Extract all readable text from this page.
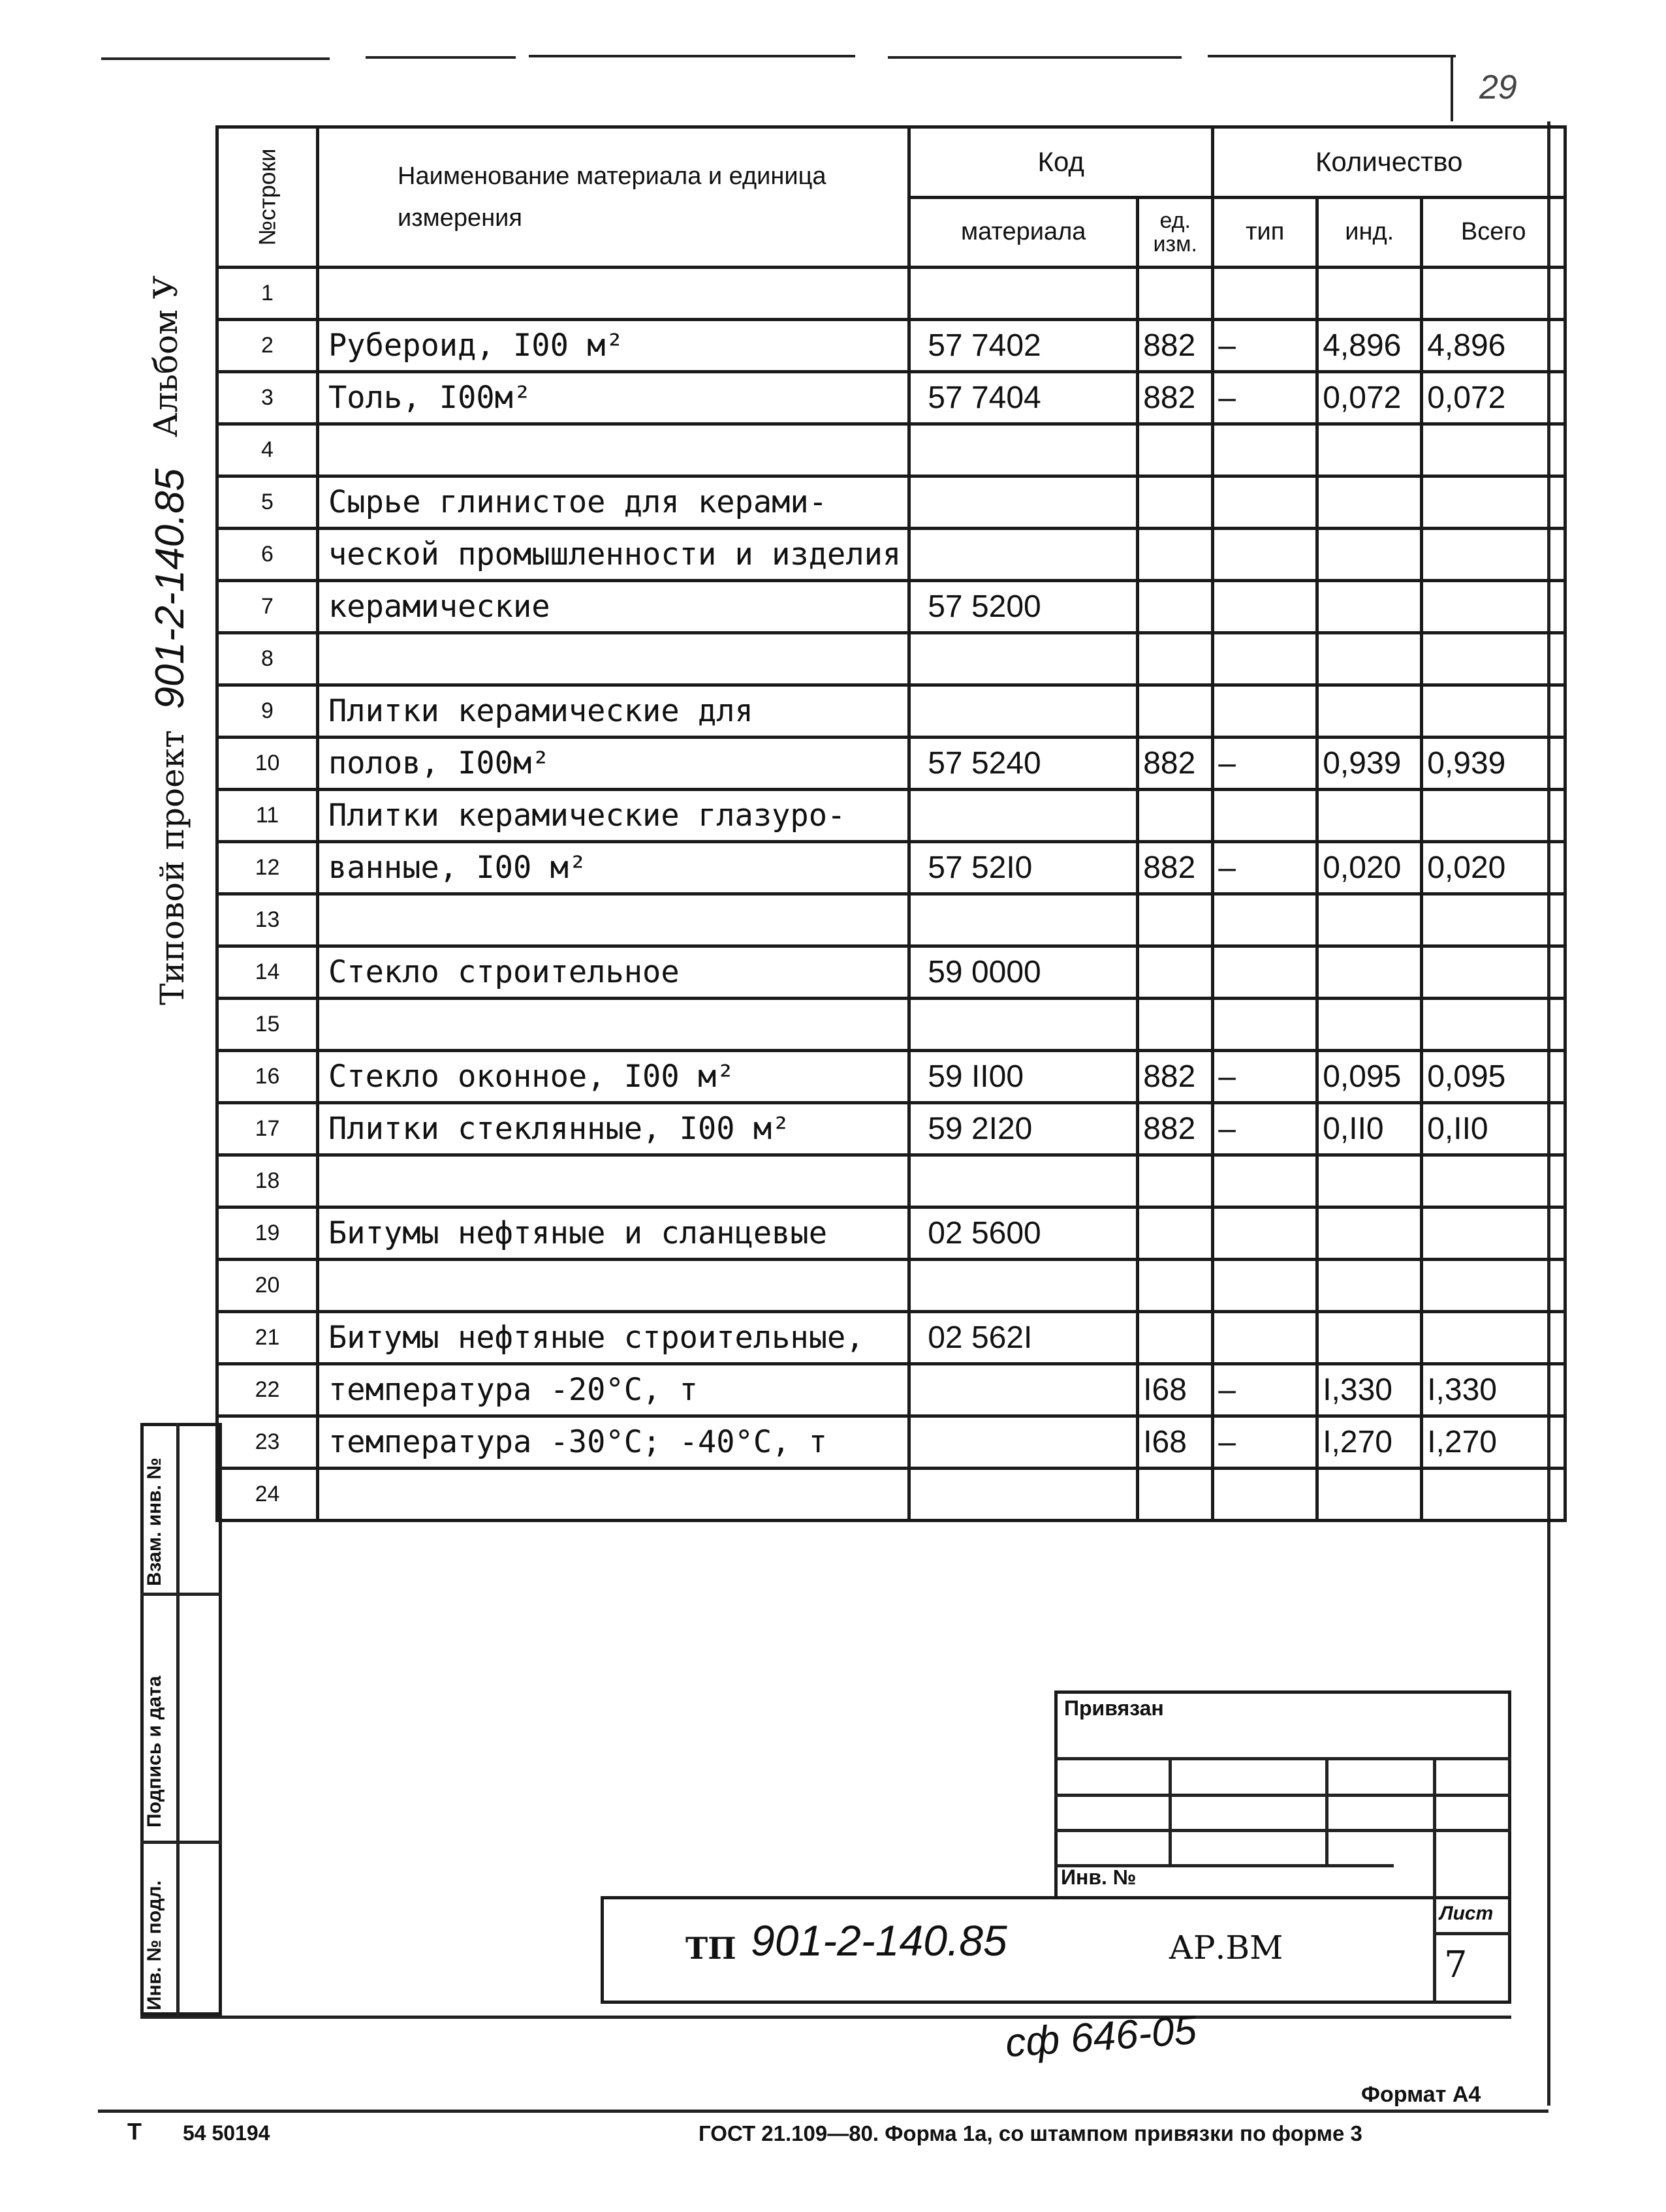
29
Альбом У
Типовой проект 901-2-140.85
Взам. инв. №
Подпись и дата
Инв. № подл.
№строки	Наименование материала и единица измерения	Код		Количество		
		материала	ед. изм.	тип	инд.	Всего
1						
2	Рубероид, I00 м²	57 7402	882	–	4,896	4,896
3	Толь, I00м²	57 7404	882	–	0,072	0,072
4						
5	Сырье глинистое для керами-					
6	ческой промышленности и изделия					
7	керамические	57 5200				
8						
9	Плитки керамические для					
10	полов, I00м²	57 5240	882	–	0,939	0,939
11	Плитки керамические глазуро-					
12	ванные, I00 м²	57 52I0	882	–	0,020	0,020
13						
14	Стекло строительное	59 0000				
15						
16	Стекло оконное, I00 м²	59 II00	882	–	0,095	0,095
17	Плитки стеклянные, I00 м²	59 2I20	882	–	0,II0	0,II0
18						
19	Битумы нефтяные и сланцевые	02 5600				
20						
21	Битумы нефтяные строительные,	02 562I				
22	температура -20°C, т		I68	–	I,330	I,330
23	температура -30°C; -40°C, т		I68	–	I,270	I,270
24						
Привязан
Инв. №
ТП 901-2-140.85	АР.ВМ
Лист
7
сф 646-05
Формат А4
Т 54 50194	ГОСТ 21.109—80. Форма 1а, со штампом привязки по форме 3
